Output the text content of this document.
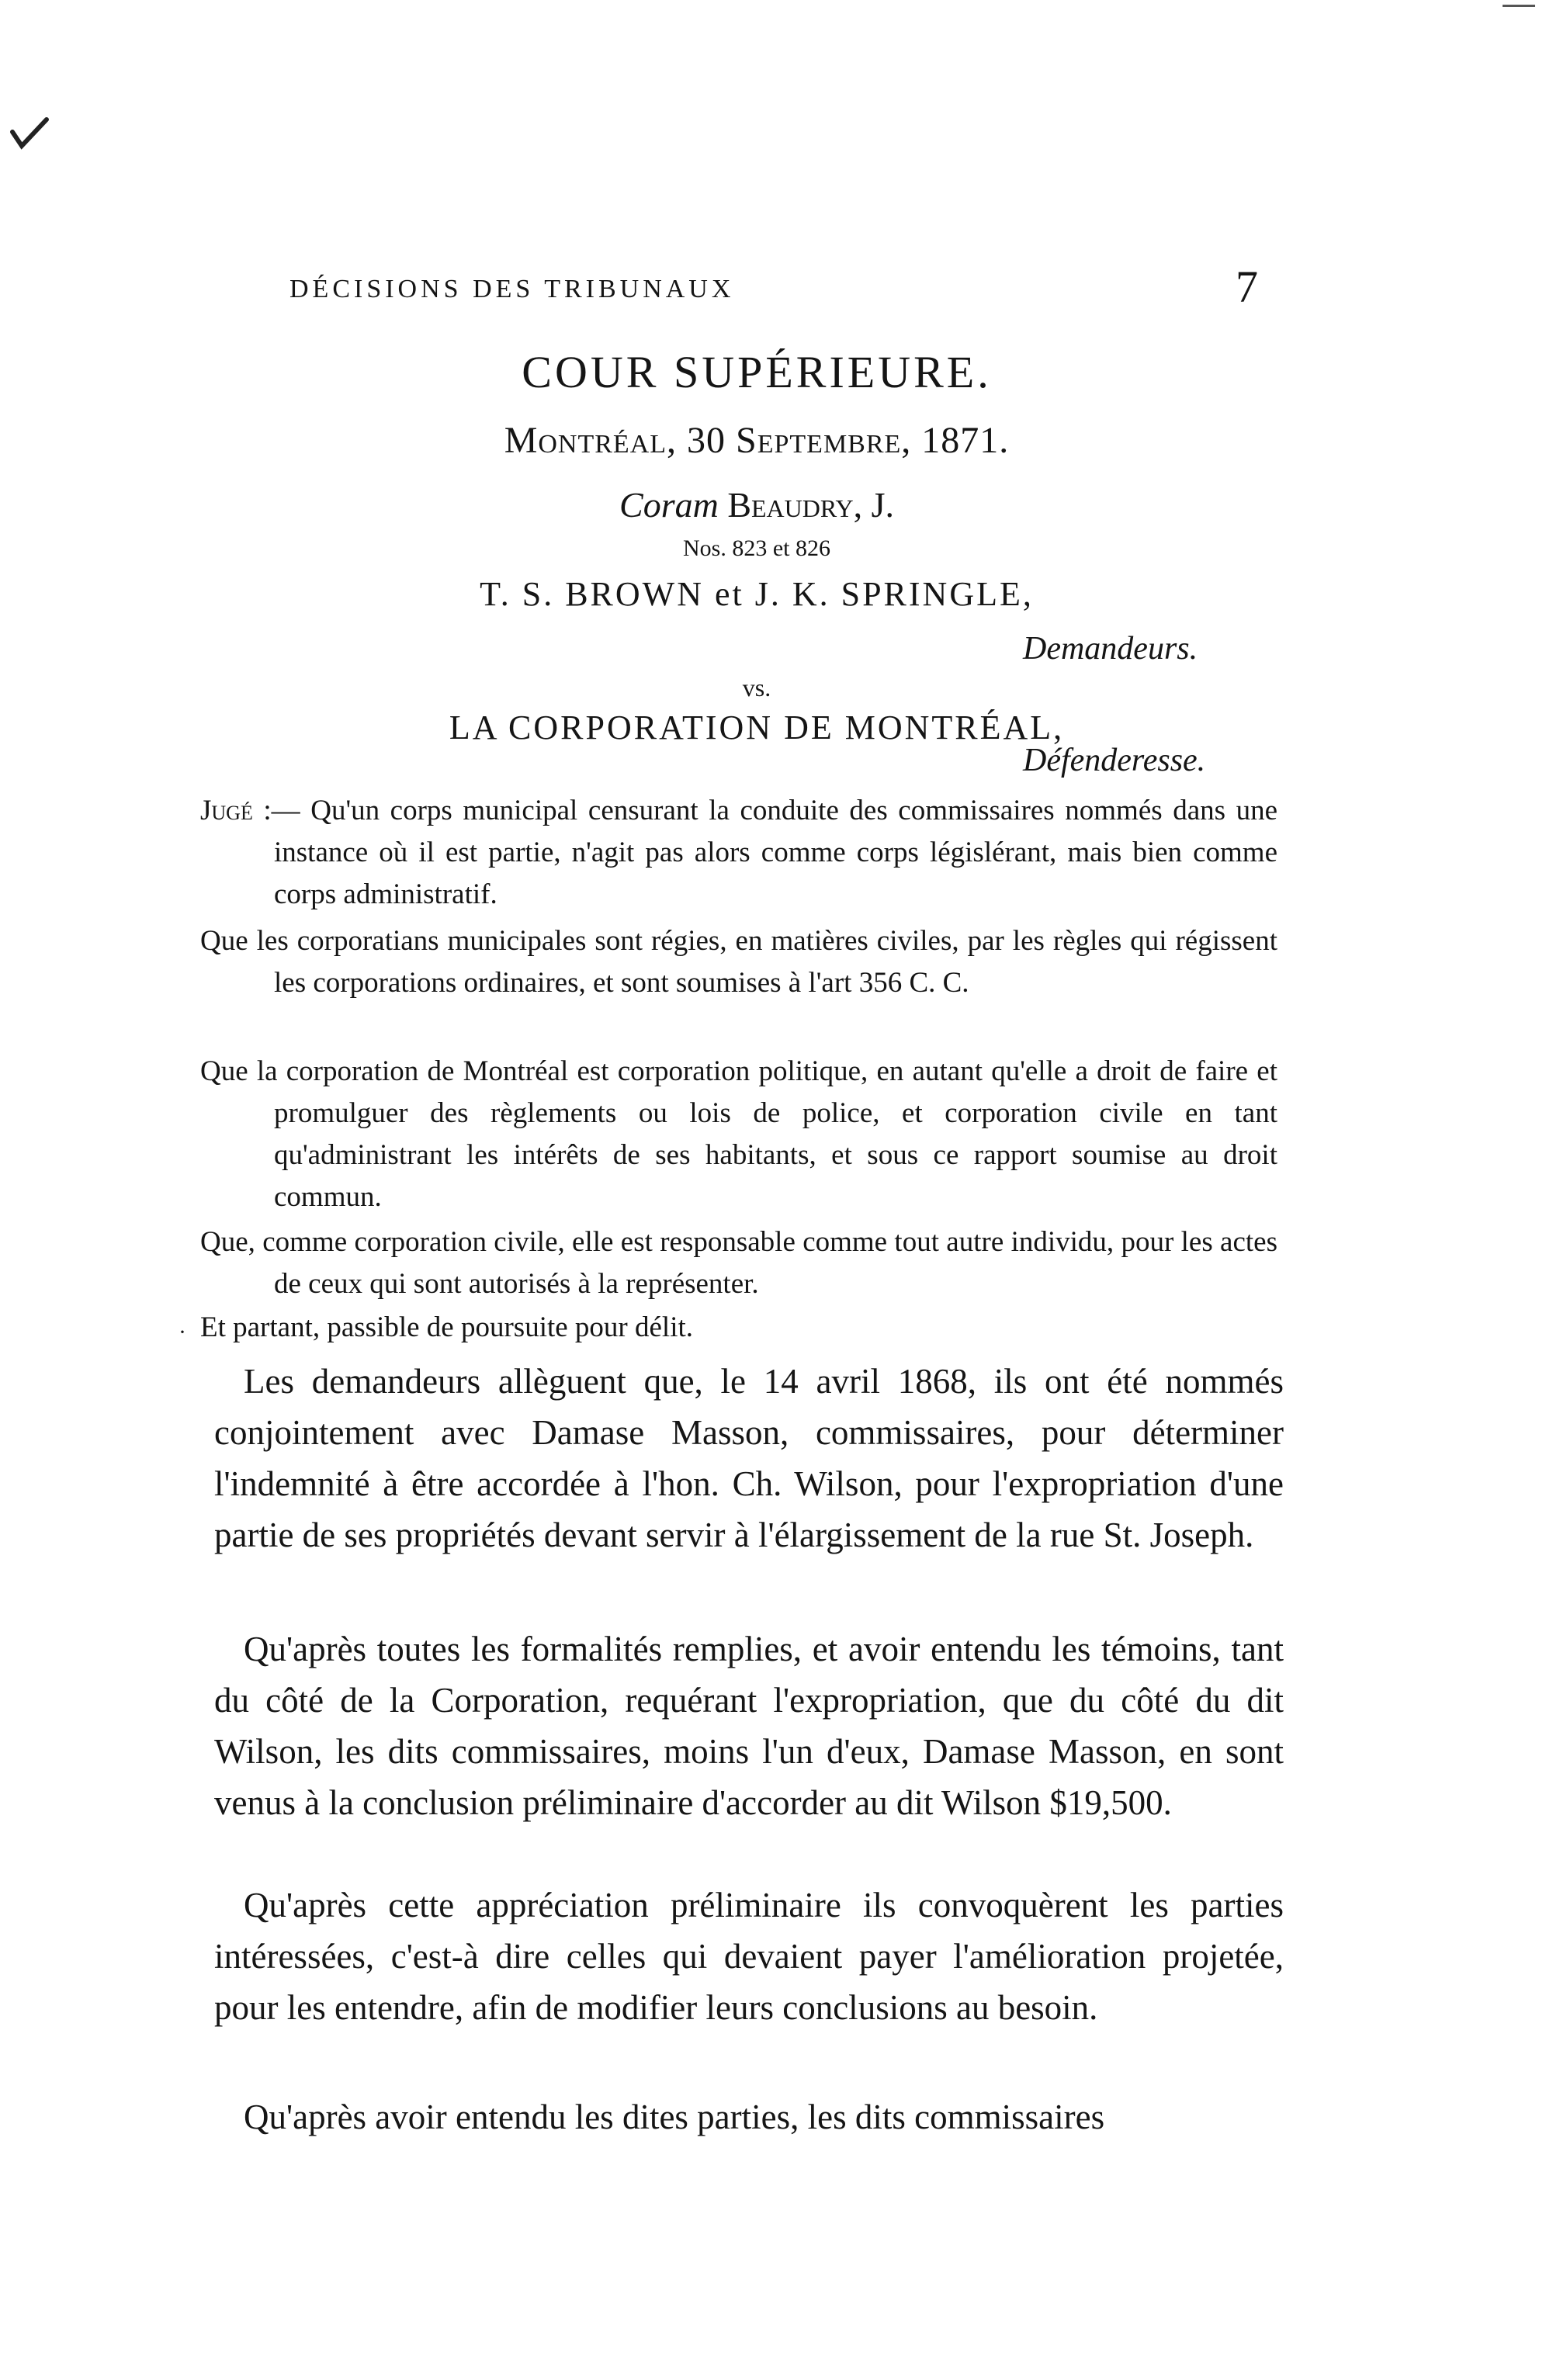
DÉCISIONS DES TRIBUNAUX	7
COUR SUPÉRIEURE.
Montréal, 30 Septembre, 1871.
Coram Beaudry, J.
Nos. 823 et 826
T. S. BROWN et J. K. SPRINGLE,
Demandeurs.
vs.
LA CORPORATION DE MONTRÉAL,
Défenderesse.
Jugé :— Qu'un corps municipal censurant la conduite des commissaires nommés dans une instance où il est partie, n'agit pas alors comme corps législérant, mais bien comme corps administratif.
Que les corporatians municipales sont régies, en matières civiles, par les règles qui régissent les corporations ordinaires, et sont soumises à l'art 356 C. C.
Que la corporation de Montréal est corporation politique, en autant qu'elle a droit de faire et promulguer des règlements ou lois de police, et corporation civile en tant qu'administrant les intérêts de ses habitants, et sous ce rapport soumise au droit commun.
Que, comme corporation civile, elle est responsable comme tout autre individu, pour les actes de ceux qui sont autorisés à la représenter.
· Et partant, passible de poursuite pour délit.

Les demandeurs allèguent que, le 14 avril 1868, ils ont été nommés conjointement avec Damase Masson, commissaires, pour déterminer l'indemnité à être accordée à l'hon. Ch. Wilson, pour l'expropriation d'une partie de ses propriétés devant servir à l'élargissement de la rue St. Joseph.

Qu'après toutes les formalités remplies, et avoir entendu les témoins, tant du côté de la Corporation, requérant l'expropriation, que du côté du dit Wilson, les dits commissaires, moins l'un d'eux, Damase Masson, en sont venus à la conclusion préliminaire d'accorder au dit Wilson $19,500.

Qu'après cette appréciation préliminaire ils convoquèrent les parties intéressées, c'est-à dire celles qui devaient payer l'amélioration projetée, pour les entendre, afin de modifier leurs conclusions au besoin.

Qu'après avoir entendu les dites parties, les dits commissaires
